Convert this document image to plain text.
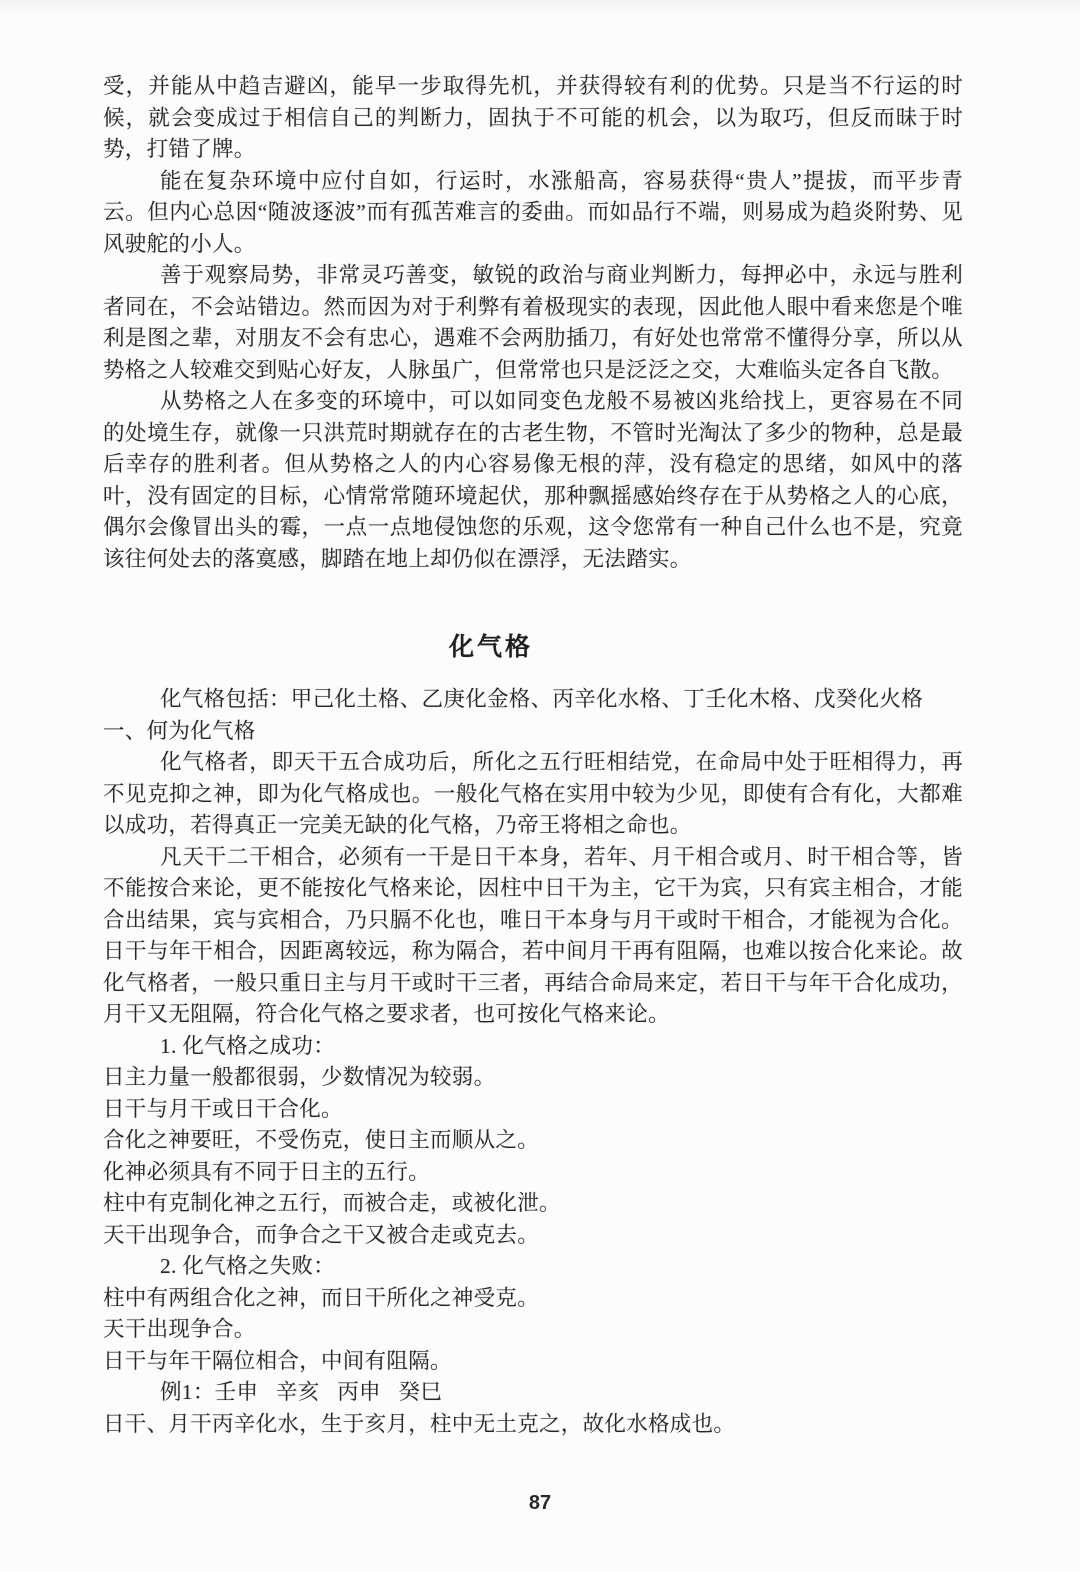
受，并能从中趋吉避凶，能早一步取得先机，并获得较有利的优势。只是当不行运的时候，就会变成过于相信自己的判断力，固执于不可能的机会，以为取巧，但反而昧于时势，打错了牌。

能在复杂环境中应付自如，行运时，水涨船高，容易获得“贵人”提拔，而平步青云。但内心总因“随波逐波”而有孤苦难言的委曲。而如品行不端，则易成为趋炎附势、见风驶舵的小人。

善于观察局势，非常灵巧善变，敏锐的政治与商业判断力，每押必中，永远与胜利者同在，不会站错边。然而因为对于利弊有着极现实的表现，因此他人眼中看来您是个唯利是图之辈，对朋友不会有忠心，遇难不会两肋插刀，有好处也常常不懂得分享，所以从势格之人较难交到贴心好友，人脉虽广，但常常也只是泛泛之交，大难临头定各自飞散。

从势格之人在多变的环境中，可以如同变色龙般不易被凶兆给找上，更容易在不同的处境生存，就像一只洪荒时期就存在的古老生物，不管时光淘汰了多少的物种，总是最后幸存的胜利者。但从势格之人的内心容易像无根的萍，没有稳定的思绪，如风中的落叶，没有固定的目标，心情常常随环境起伏，那种飘摇感始终存在于从势格之人的心底，偶尔会像冒出头的霉，一点一点地侵蚀您的乐观，这令您常有一种自己什么也不是，究竟该往何处去的落寞感，脚踏在地上却仍似在漂浮，无法踏实。

化气格

化气格包括：甲己化土格、乙庚化金格、丙辛化水格、丁壬化木格、戊癸化火格

一、何为化气格

化气格者，即天干五合成功后，所化之五行旺相结党，在命局中处于旺相得力，再不见克抑之神，即为化气格成也。一般化气格在实用中较为少见，即使有合有化，大都难以成功，若得真正一完美无缺的化气格，乃帝王将相之命也。

凡天干二干相合，必须有一干是日干本身，若年、月干相合或月、时干相合等，皆不能按合来论，更不能按化气格来论，因柱中日干为主，它干为宾，只有宾主相合，才能合出结果，宾与宾相合，乃只膈不化也，唯日干本身与月干或时干相合，才能视为合化。日干与年干相合，因距离较远，称为隔合，若中间月干再有阻隔，也难以按合化来论。故化气格者，一般只重日主与月干或时干三者，再结合命局来定，若日干与年干合化成功，月干又无阻隔，符合化气格之要求者，也可按化气格来论。

1. 化气格之成功：

日主力量一般都很弱，少数情况为较弱。

日干与月干或日干合化。

合化之神要旺，不受伤克，使日主而顺从之。

化神必须具有不同于日主的五行。

柱中有克制化神之五行，而被合走，或被化泄。

天干出现争合，而争合之干又被合走或克去。

2. 化气格之失败：

柱中有两组合化之神，而日干所化之神受克。

天干出现争合。

日干与年干隔位相合，中间有阻隔。

例1：壬申 辛亥 丙申 癸巳

日干、月干丙辛化水，生于亥月，柱中无土克之，故化水格成也。

87
